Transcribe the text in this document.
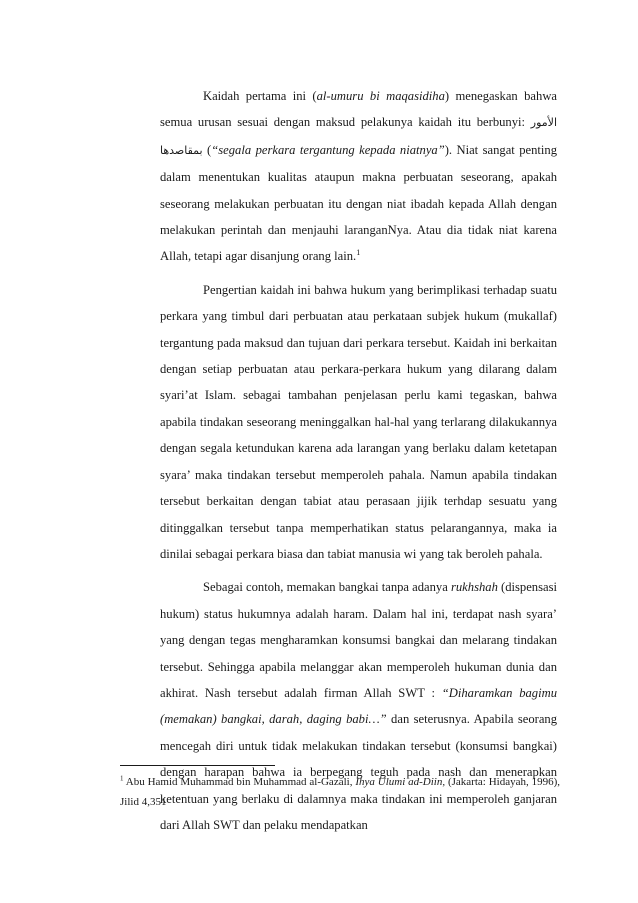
Kaidah pertama ini (al-umuru bi maqasidiha) menegaskan bahwa semua urusan sesuai dengan maksud pelakunya kaidah itu berbunyi: الأمور بمقاصدها (“segala perkara tergantung kepada niatnya”). Niat sangat penting dalam menentukan kualitas ataupun makna perbuatan seseorang, apakah seseorang melakukan perbuatan itu dengan niat ibadah kepada Allah dengan melakukan perintah dan menjauhi laranganNya. Atau dia tidak niat karena Allah, tetapi agar disanjung orang lain.$^1$

Pengertian kaidah ini bahwa hukum yang berimplikasi terhadap suatu perkara yang timbul dari perbuatan atau perkataan subjek hukum (mukallaf) tergantung pada maksud dan tujuan dari perkara tersebut. Kaidah ini berkaitan dengan setiap perbuatan atau perkara-perkara hukum yang dilarang dalam syari’at Islam. sebagai tambahan penjelasan perlu kami tegaskan, bahwa apabila tindakan seseorang meninggalkan hal-hal yang terlarang dilakukannya dengan segala ketundukan karena ada larangan yang berlaku dalam ketetapan syara’ maka tindakan tersebut memperoleh pahala. Namun apabila tindakan tersebut berkaitan dengan tabiat atau perasaan jijik terhdap sesuatu yang ditinggalkan tersebut tanpa memperhatikan status pelarangannya, maka ia dinilai sebagai perkara biasa dan tabiat manusia wi yang tak beroleh pahala.

Sebagai contoh, memakan bangkai tanpa adanya rukhshah (dispensasi hukum) status hukumnya adalah haram. Dalam hal ini, terdapat nash syara’ yang dengan tegas mengharamkan konsumsi bangkai dan melarang tindakan tersebut. Sehingga apabila melanggar akan memperoleh hukuman dunia dan akhirat. Nash tersebut adalah firman Allah SWT : “Diharamkan bagimu (memakan) bangkai, darah, daging babi…” dan seterusnya. Apabila seorang mencegah diri untuk tidak melakukan tindakan tersebut (konsumsi bangkai) dengan harapan bahwa ia berpegang teguh pada nash dan menerapkan ketentuan yang berlaku di dalamnya maka tindakan ini memperoleh ganjaran dari Allah SWT dan pelaku mendapatkan

$^1$ Abu Hamid Muhammad bin Muhammad al-Gazali, Ihya Ulumi ad-Diin, (Jakarta: Hidayah, 1996), Jilid 4,351
